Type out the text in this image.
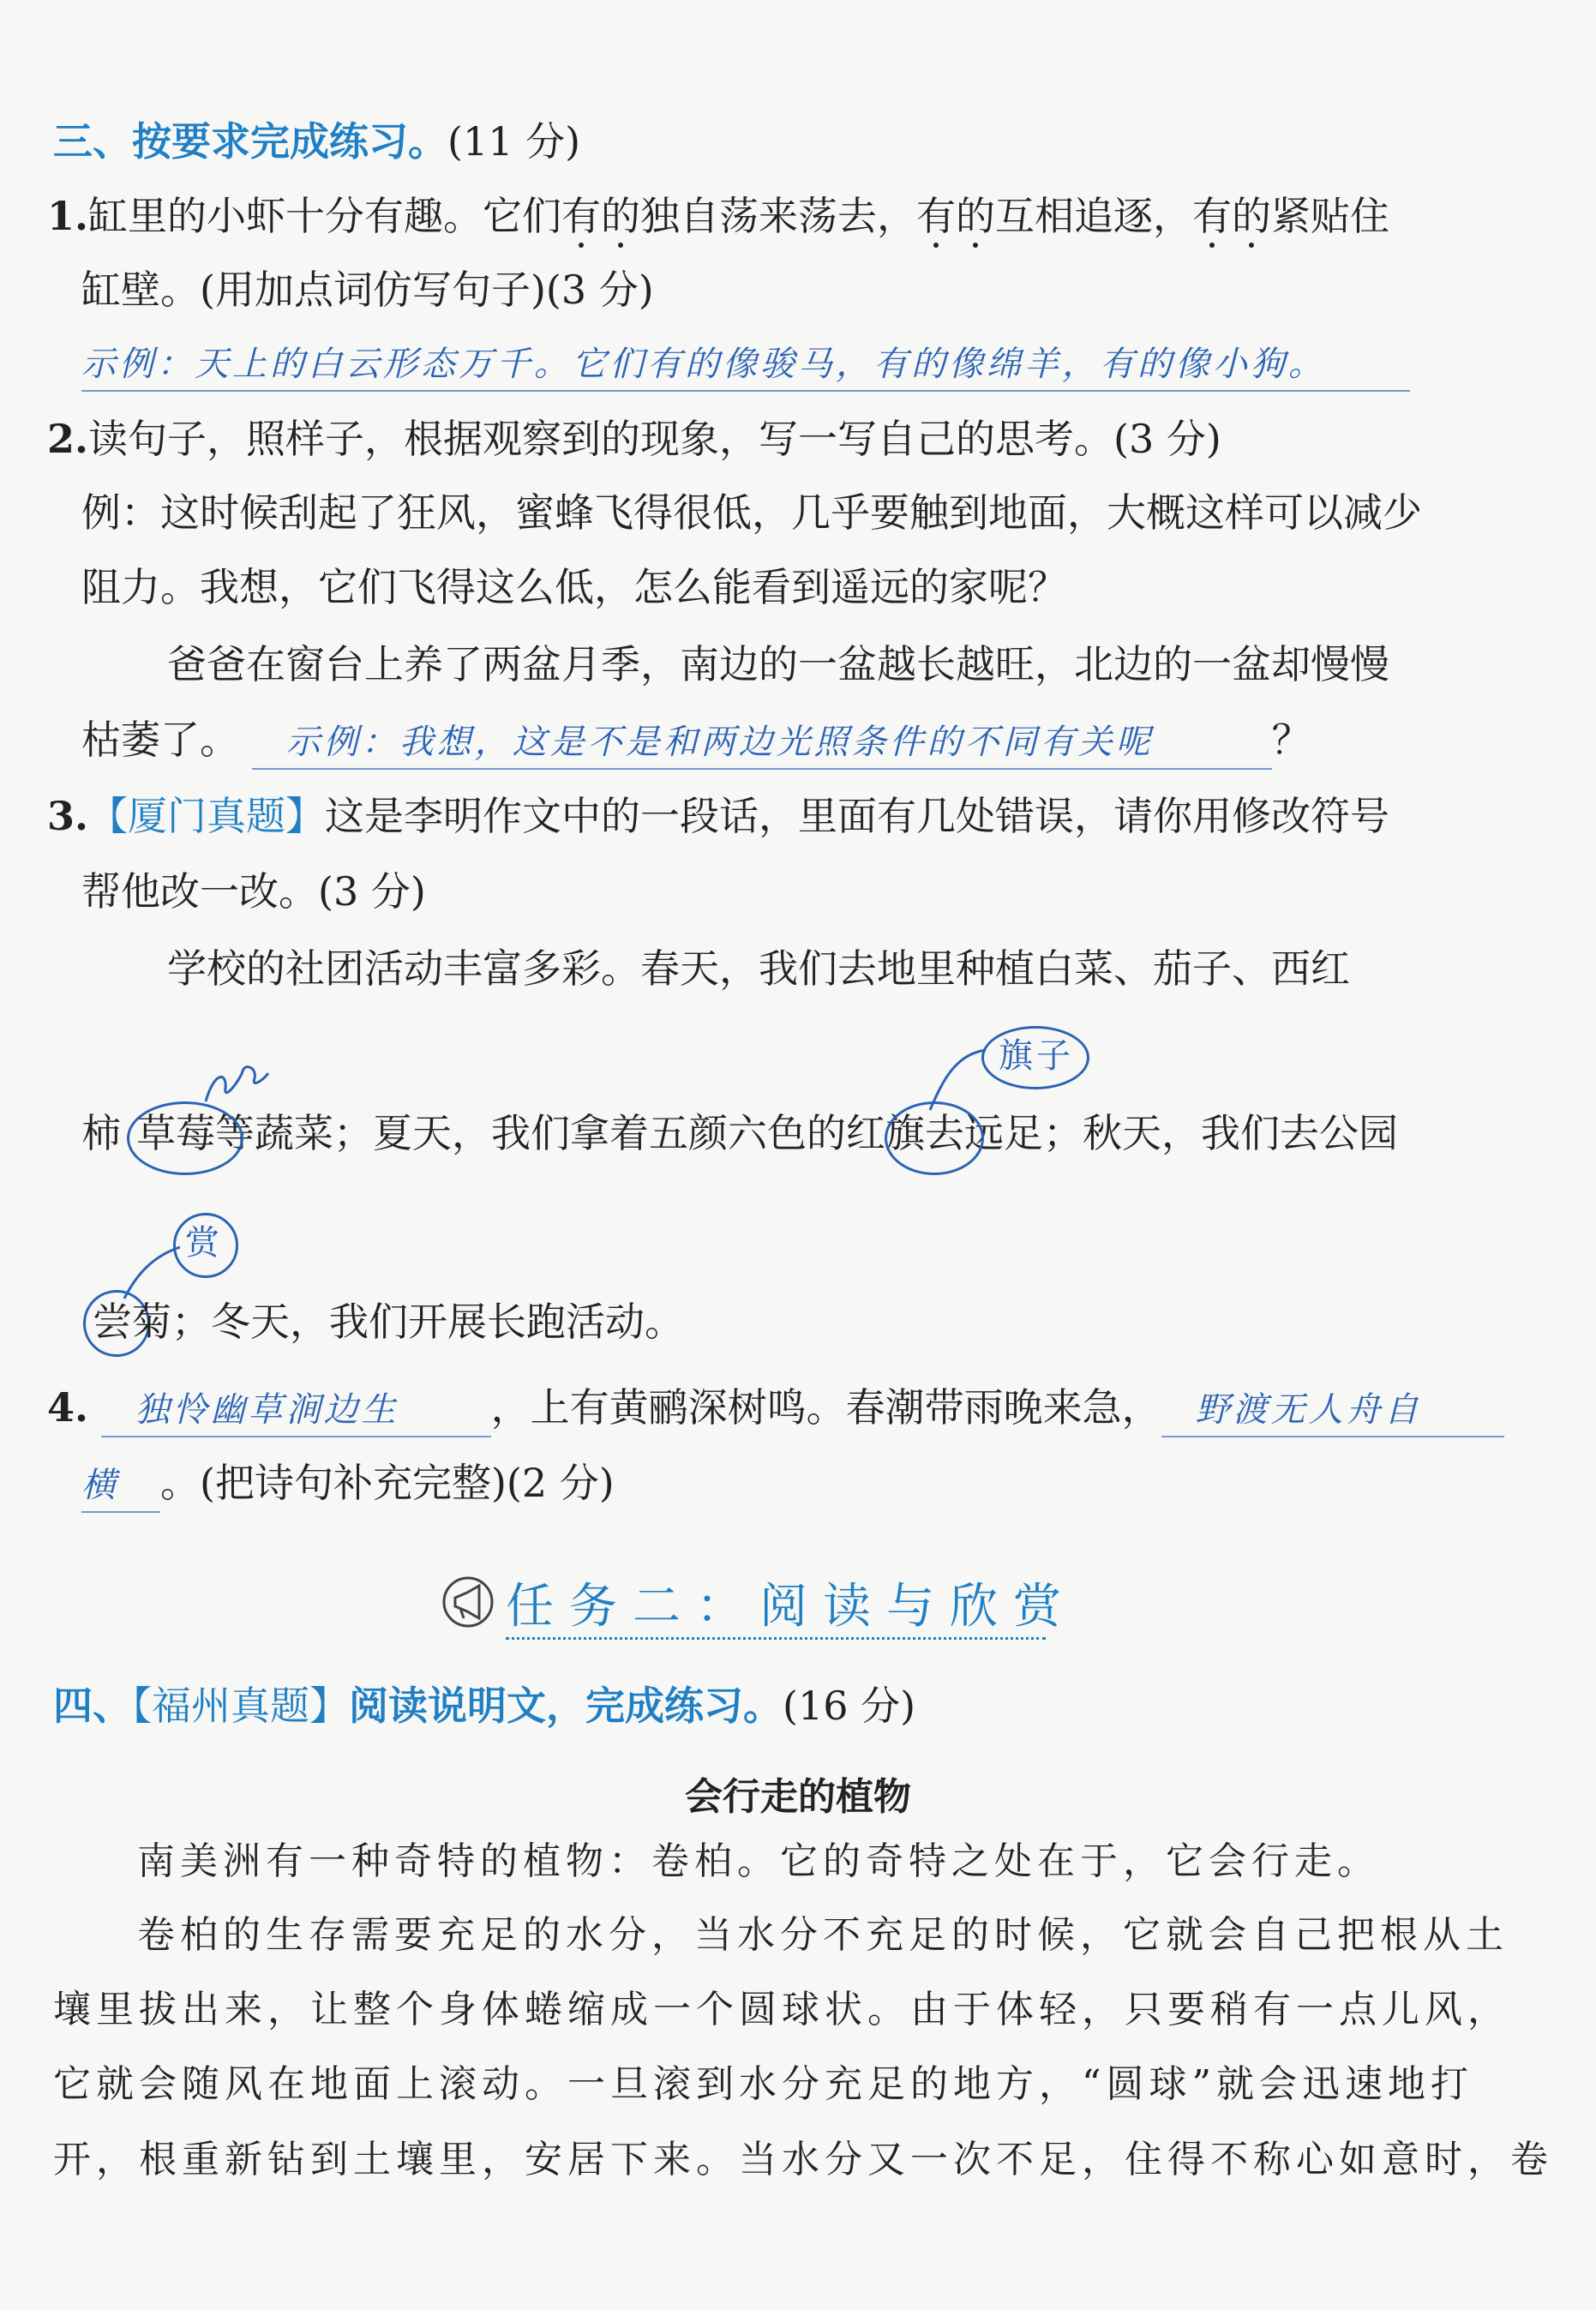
三、按要求完成练习。(11 分)
1.缸里的小虾十分有趣。它们有的独自荡来荡去，有的互相追逐，有的紧贴住
缸壁。(用加点词仿写句子)(3 分)
示例：天上的白云形态万千。它们有的像骏马，有的像绵羊，有的像小狗。
2.读句子，照样子，根据观察到的现象，写一写自己的思考。(3 分)
例：这时候刮起了狂风，蜜蜂飞得很低，几乎要触到地面，大概这样可以减少
阻力。我想，它们飞得这么低，怎么能看到遥远的家呢？
爸爸在窗台上养了两盆月季，南边的一盆越长越旺，北边的一盆却慢慢
枯萎了。 示例：我想，这是不是和两边光照条件的不同有关呢	？
3.【厦门真题】这是李明作文中的一段话，里面有几处错误，请你用修改符号
帮他改一改。(3 分)
学校的社团活动丰富多彩。春天，我们去地里种植白菜、茄子、西红
柿 草莓等蔬菜；夏天，我们拿着五颜六色的红旗去远足；秋天，我们去公园
旗子
赏
尝菊；冬天，我们开展长跑活动。
4. 独怜幽草涧边生 ，上有黄鹂深树鸣。春潮带雨晚来急， 野渡无人舟自
横 。(把诗句补充完整)(2 分)
任务二：阅读与欣赏
四、【福州真题】阅读说明文，完成练习。(16 分)
会行走的植物
南美洲有一种奇特的植物：卷柏。它的奇特之处在于，它会行走。
卷柏的生存需要充足的水分，当水分不充足的时候，它就会自己把根从土
壤里拔出来，让整个身体蜷缩成一个圆球状。由于体轻，只要稍有一点儿风，
它就会随风在地面上滚动。一旦滚到水分充足的地方，“圆球”就会迅速地打
开，根重新钻到土壤里，安居下来。当水分又一次不足，住得不称心如意时，卷
